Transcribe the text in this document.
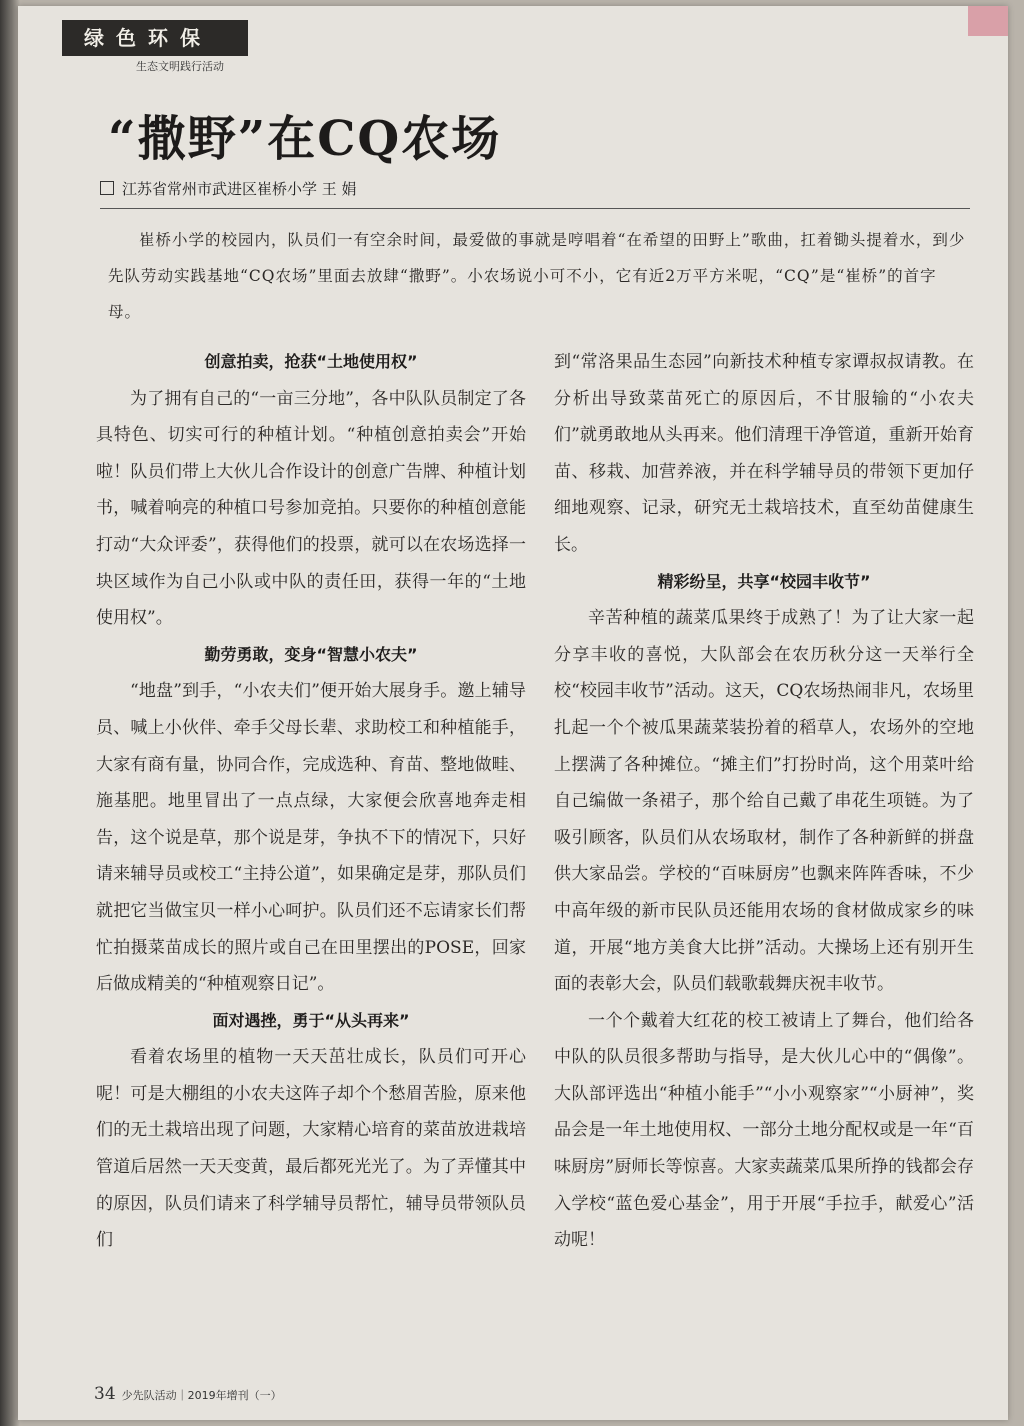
绿色环保
生态文明践行活动
“撒野”在CQ农场
江苏省常州市武进区崔桥小学 王 娟
崔桥小学的校园内，队员们一有空余时间，最爱做的事就是哼唱着“在希望的田野上”歌曲，扛着锄头提着水，到少先队劳动实践基地“CQ农场”里面去放肆“撒野”。小农场说小可不小，它有近2万平方米呢，“CQ”是“崔桥”的首字母。
创意拍卖，抢获“土地使用权”

为了拥有自己的“一亩三分地”，各中队队员制定了各具特色、切实可行的种植计划。“种植创意拍卖会”开始啦！队员们带上大伙儿合作设计的创意广告牌、种植计划书，喊着响亮的种植口号参加竞拍。只要你的种植创意能打动“大众评委”，获得他们的投票，就可以在农场选择一块区域作为自己小队或中队的责任田，获得一年的“土地使用权”。

勤劳勇敢，变身“智慧小农夫”

“地盘”到手，“小农夫们”便开始大展身手。邀上辅导员、喊上小伙伴、牵手父母长辈、求助校工和种植能手，大家有商有量，协同合作，完成选种、育苗、整地做畦、施基肥。地里冒出了一点点绿，大家便会欣喜地奔走相告，这个说是草，那个说是芽，争执不下的情况下，只好请来辅导员或校工“主持公道”，如果确定是芽，那队员们就把它当做宝贝一样小心呵护。队员们还不忘请家长们帮忙拍摄菜苗成长的照片或自己在田里摆出的POSE，回家后做成精美的“种植观察日记”。

面对遇挫，勇于“从头再来”

看着农场里的植物一天天茁壮成长，队员们可开心呢！可是大棚组的小农夫这阵子却个个愁眉苦脸，原来他们的无土栽培出现了问题，大家精心培育的菜苗放进栽培管道后居然一天天变黄，最后都死光光了。为了弄懂其中的原因，队员们请来了科学辅导员帮忙，辅导员带领队员们

到“常洛果品生态园”向新技术种植专家谭叔叔请教。在分析出导致菜苗死亡的原因后，不甘服输的“小农夫们”就勇敢地从头再来。他们清理干净管道，重新开始育苗、移栽、加营养液，并在科学辅导员的带领下更加仔细地观察、记录，研究无土栽培技术，直至幼苗健康生长。

精彩纷呈，共享“校园丰收节”

辛苦种植的蔬菜瓜果终于成熟了！为了让大家一起分享丰收的喜悦，大队部会在农历秋分这一天举行全校“校园丰收节”活动。这天，CQ农场热闹非凡，农场里扎起一个个被瓜果蔬菜装扮着的稻草人，农场外的空地上摆满了各种摊位。“摊主们”打扮时尚，这个用菜叶给自己编做一条裙子，那个给自己戴了串花生项链。为了吸引顾客，队员们从农场取材，制作了各种新鲜的拼盘供大家品尝。学校的“百味厨房”也飘来阵阵香味，不少中高年级的新市民队员还能用农场的食材做成家乡的味道，开展“地方美食大比拼”活动。大操场上还有别开生面的表彰大会，队员们载歌载舞庆祝丰收节。

一个个戴着大红花的校工被请上了舞台，他们给各中队的队员很多帮助与指导，是大伙儿心中的“偶像”。大队部评选出“种植小能手”“小小观察家”“小厨神”，奖品会是一年土地使用权、一部分土地分配权或是一年“百味厨房”厨师长等惊喜。大家卖蔬菜瓜果所挣的钱都会存入学校“蓝色爱心基金”，用于开展“手拉手，献爱心”活动呢！

34 少先队活动｜2019年增刊（一）
